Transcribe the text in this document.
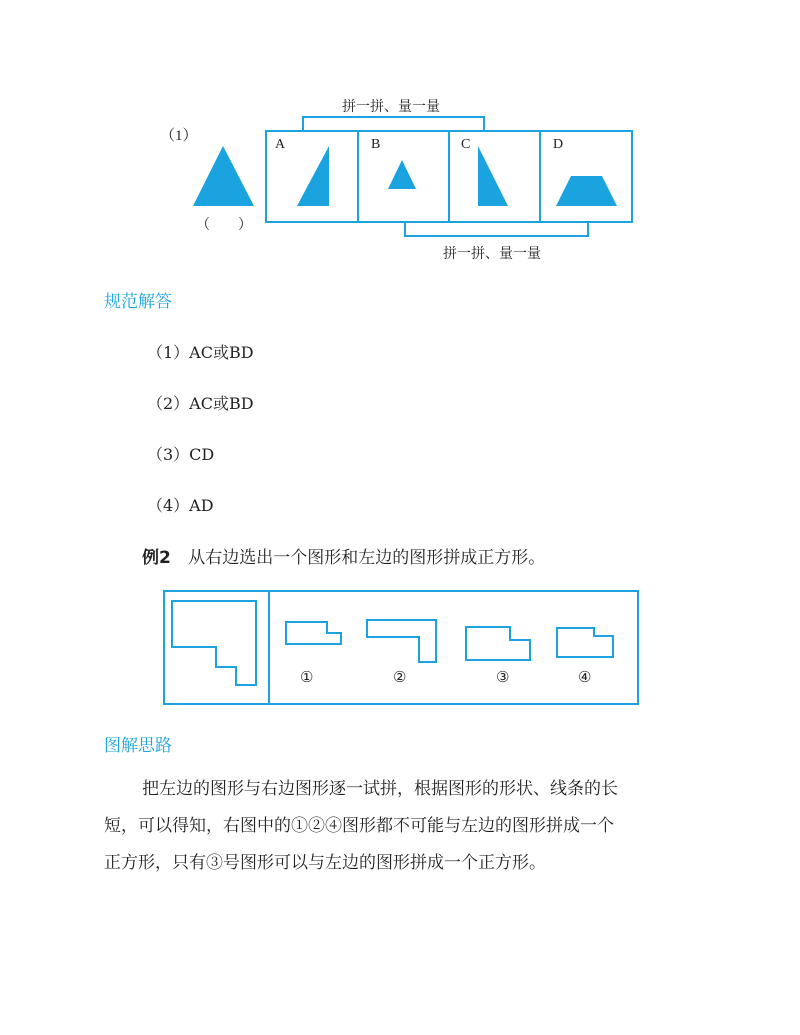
（1）
拼一拼、量一量
拼一拼、量一量
（　　）
A	B	C	D
规范解答
（1）AC或BD
（2）AC或BD
（3）CD
（4）AD
例2 从右边选出一个图形和左边的图形拼成正方形。
①	②	③	④
图解思路
把左边的图形与右边图形逐一试拼，根据图形的形状、线条的长
短，可以得知，右图中的①②④图形都不可能与左边的图形拼成一个
正方形，只有③号图形可以与左边的图形拼成一个正方形。
